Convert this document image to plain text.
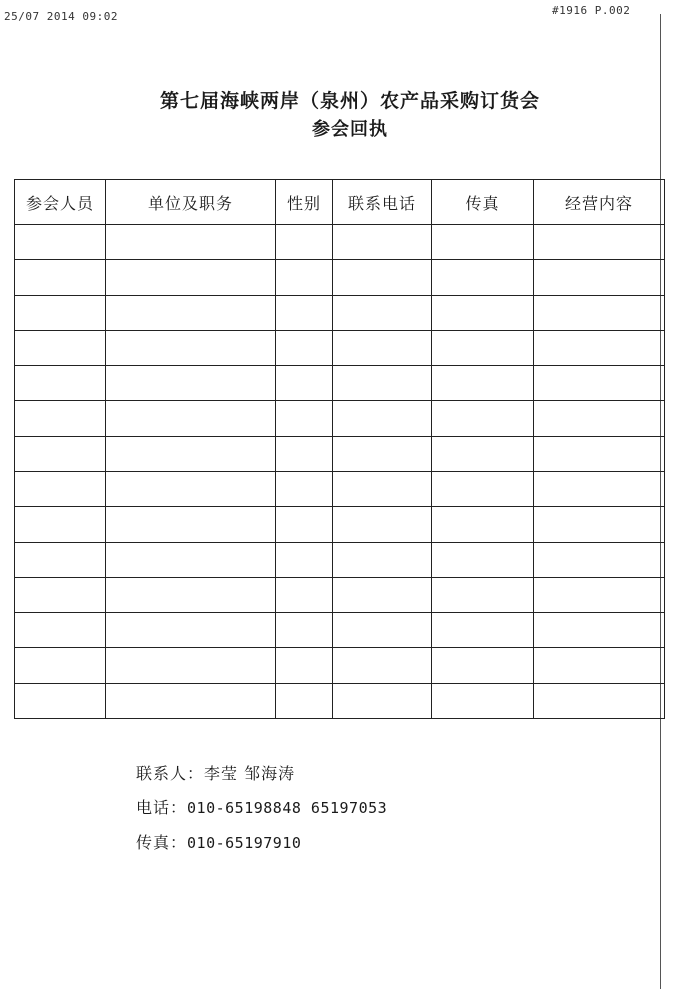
25/07 2014 09:02	#1916 P.002
第七届海峡两岸（泉州）农产品采购订货会
参会回执
参会人员	单位及职务	性别	联系电话	传真	经营内容

联系人：李莹 邹海涛
电话：010-65198848 65197053
传真：010-65197910
